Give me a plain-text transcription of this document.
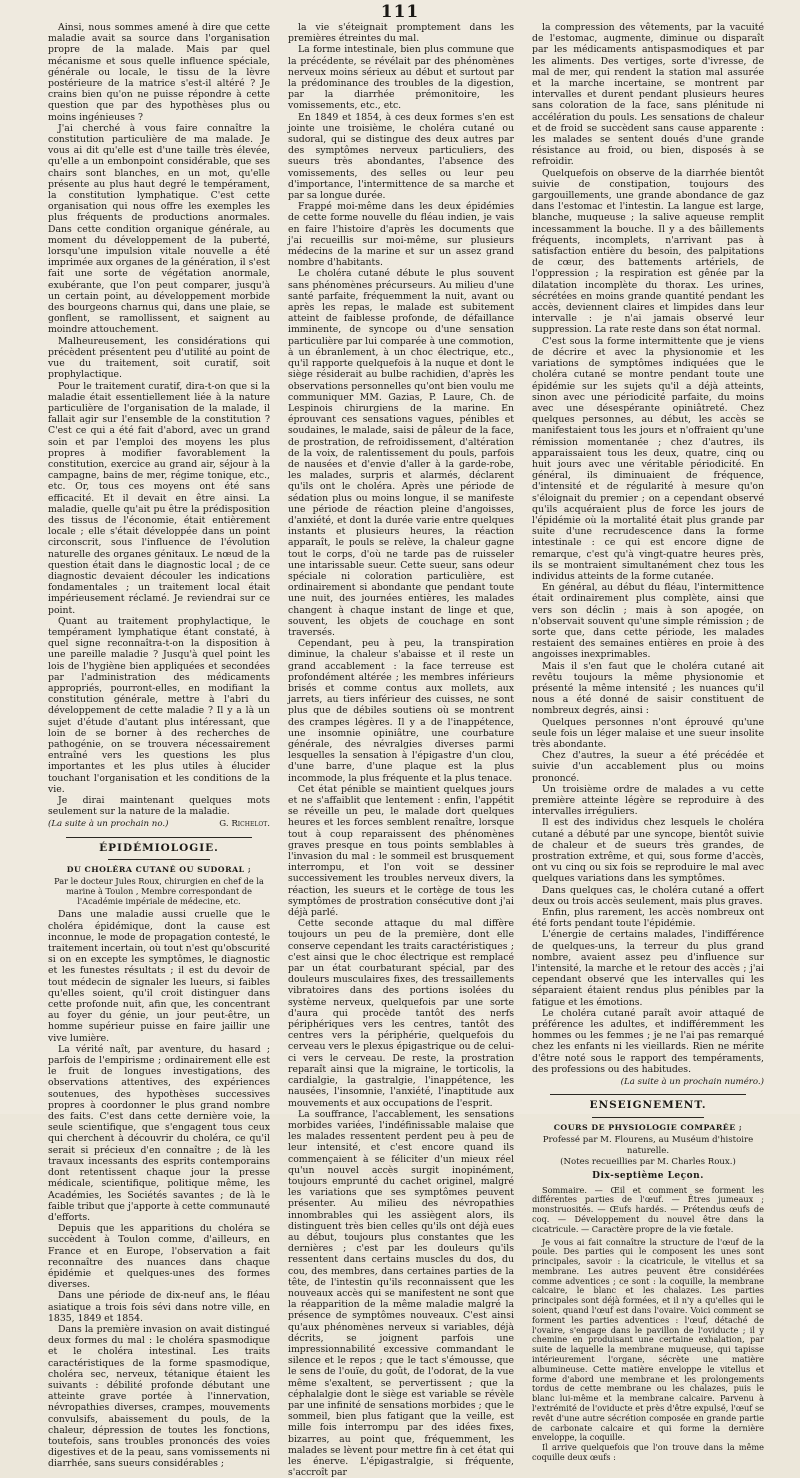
111

Ainsi, nous sommes amené à dire que cette maladie avait sa source dans l'organisation propre de la malade. Mais par quel mécanisme et sous quelle influence spéciale, générale ou locale, le tissu de la lèvre postérieure de la matrice s'est-il altéré ? Je crains bien qu'on ne puisse répondre à cette question que par des hypothèses plus ou moins ingénieuses ?

J'ai cherché à vous faire connaître la constitution particulière de ma malade. Je vous ai dit qu'elle est d'une taille très élevée, qu'elle a un embonpoint considérable, que ses chairs sont blanches, en un mot, qu'elle présente au plus haut degré le tempérament, la constitution lymphatique. C'est cette organisation qui nous offre les exemples les plus fréquents de productions anormales. Dans cette condition organique générale, au moment du développement de la puberté, lorsqu'une impulsion vitale nouvelle a été imprimée aux organes de la génération, il s'est fait une sorte de végétation anormale, exubérante, que l'on peut comparer, jusqu'à un certain point, au développement morbide des bourgeons charnus qui, dans une plaie, se gonflent, se ramollissent, et saignent au moindre attouchement.

Malheureusement, les considérations qui précèdent présentent peu d'utilité au point de vue du traitement, soit curatif, soit prophylactique.

Pour le traitement curatif, dira-t-on que si la maladie était essentiellement liée à la nature particulière de l'organisation de la malade, il fallait agir sur l'ensemble de la constitution ? C'est ce qui a été fait d'abord, avec un grand soin et par l'emploi des moyens les plus propres à modifier favorablement la constitution, exercice au grand air, séjour à la campagne, bains de mer, régime tonique, etc., etc. Or, tous ces moyens ont été sans efficacité. Et il devait en être ainsi. La maladie, quelle qu'ait pu être la prédisposition des tissus de l'économie, était entièrement locale ; elle s'était développée dans un point circonscrit, sous l'influence de l'évolution naturelle des organes génitaux. Le nœud de la question était dans le diagnostic local ; de ce diagnostic devaient découler les indications fondamentales ; un traitement local était impérieusement réclamé. Je reviendrai sur ce point.

Quant au traitement prophylactique, le tempérament lymphatique étant constaté, à quel signe reconnaîtra-t-on la disposition à une pareille maladie ? Jusqu'à quel point les lois de l'hygiène bien appliquées et secondées par l'administration des médicaments appropriés, pourront-elles, en modifiant la constitution générale, mettre à l'abri du développement de cette maladie ? Il y a là un sujet d'étude d'autant plus intéressant, que loin de se borner à des recherches de pathogénie, on se trouvera nécessairement entraîné vers les questions les plus importantes et les plus utiles à élucider touchant l'organisation et les conditions de la vie.

Je dirai maintenant quelques mots seulement sur la nature de la maladie.

(La suite à un prochain no.)	G. Richelot.
ÉPIDÉMIOLOGIE.
DU CHOLÉRA CUTANÉ OU SUDORAL ;

Par le docteur Jules Roux, chirurgien en chef de la marine à Toulon , Membre correspondant de l'Académie impériale de médecine, etc.

Dans une maladie aussi cruelle que le choléra épidémique, dont la cause est inconnue, le mode de propagation contesté, le traitement incertain, où tout n'est qu'obscurité si on en excepte les symptômes, le diagnostic et les funestes résultats ; il est du devoir de tout médecin de signaler les lueurs, si faibles qu'elles soient, qu'il croit distinguer dans cette profonde nuit, afin que, les concentrant au foyer du génie, un jour peut-être, un homme supérieur puisse en faire jaillir une vive lumière.

La vérité naît, par aventure, du hasard ; parfois de l'empirisme ; ordinairement elle est le fruit de longues investigations, des observations attentives, des expériences soutenues, des hypothèses successives propres à coordonner le plus grand nombre des faits. C'est dans cette dernière voie, la seule scientifique, que s'engagent tous ceux qui cherchent à découvrir du choléra, ce qu'il serait si précieux d'en connaître ; de là les travaux incessants des esprits contemporains dont retentissent chaque jour la presse médicale, scientifique, politique même, les Académies, les Sociétés savantes ; de là le faible tribut que j'apporte à cette communauté d'efforts.

Depuis que les apparitions du choléra se succèdent à Toulon comme, d'ailleurs, en France et en Europe, l'observation a fait reconnaître des nuances dans chaque épidémie et quelques-unes des formes diverses.

Dans une période de dix-neuf ans, le fléau asiatique a trois fois sévi dans notre ville, en 1835, 1849 et 1854.

Dans la première invasion on avait distingué deux formes du mal : le choléra spasmodique et le choléra intestinal. Les traits caractéristiques de la forme spasmodique, choléra sec, nerveux, tétanique étaient les suivants : débilité profonde débutant une atteinte grave portée à l'innervation, névropathies diverses, crampes, mouvements convulsifs, abaissement du pouls, de la chaleur, dépression de toutes les fonctions, toutefois, sans troubles prononcés des voies digestives et de la peau, sans vomissements ni diarrhée, sans sueurs considérables ;

la vie s'éteignait promptement dans les premières étreintes du mal.

La forme intestinale, bien plus commune que la précédente, se révélait par des phénomènes nerveux moins sérieux au début et surtout par la prédominance des troubles de la digestion, par la diarrhée prémonitoire, les vomissements, etc., etc.

En 1849 et 1854, à ces deux formes s'en est jointe une troisième, le choléra cutané ou sudoral, qui se distingue des deux autres par des symptômes nerveux particuliers, des sueurs très abondantes, l'absence des vomissements, des selles ou leur peu d'importance, l'intermittence de sa marche et par sa longue durée.

Frappé moi-même dans les deux épidémies de cette forme nouvelle du fléau indien, je vais en faire l'histoire d'après les documents que j'ai recueillis sur moi-même, sur plusieurs médecins de la marine et sur un assez grand nombre d'habitants.

Le choléra cutané débute le plus souvent sans phénomènes précurseurs. Au milieu d'une santé parfaite, fréquemment la nuit, avant ou après les repas, le malade est subitement atteint de faiblesse profonde, de défaillance imminente, de syncope ou d'une sensation particulière par lui comparée à une commotion, à un ébranlement, à un choc électrique, etc., qu'il rapporte quelquefois à la nuque et dont le siège résiderait au bulbe rachidien, d'après les observations personnelles qu'ont bien voulu me communiquer MM. Gazias, P. Laure, Ch. de Lespinois chirurgiens de la marine. En éprouvant ces sensations vagues, pénibles et soudaines, le malade, saisi de pâleur de la face, de prostration, de refroidissement, d'altération de la voix, de ralentissement du pouls, parfois de nausées et d'envie d'aller à la garde-robe, les malades, surpris et alarmés, déclarent qu'ils ont le choléra. Après une période de sédation plus ou moins longue, il se manifeste une période de réaction pleine d'angoisses, d'anxiété, et dont la durée varie entre quelques instants et plusieurs heures, la réaction apparaît, le pouls se relève, la chaleur gagne tout le corps, d'où ne tarde pas de ruisseler une intarissable sueur. Cette sueur, sans odeur spéciale ni coloration particulière, est ordinairement si abondante que pendant toute une nuit, des journées entières, les malades changent à chaque instant de linge et que, souvent, les objets de couchage en sont traversés.

Cependant, peu à peu, la transpiration diminue, la chaleur s'abaisse et il reste un grand accablement : la face terreuse est profondément altérée ; les membres inférieurs brisés et comme contus aux mollets, aux jarrets, au tiers inférieur des cuisses, ne sont plus que de débiles soutiens où se montrent des crampes légères. Il y a de l'inappétence, une insomnie opiniâtre, une courbature générale, des névralgies diverses parmi lesquelles la sensation à l'épigastre d'un clou, d'une barre, d'une plaque est la plus incommode, la plus fréquente et la plus tenace.

Cet état pénible se maintient quelques jours et ne s'affaiblit que lentement : enfin, l'appétit se réveille un peu, le malade dort quelques heures et les forces semblent renaître, lorsque tout à coup reparaissent des phénomènes graves presque en tous points semblables à l'invasion du mal : le sommeil est brusquement interrompu, et l'on voit se dessiner successivement les troubles nerveux divers, la réaction, les sueurs et le cortège de tous les symptômes de prostration consécutive dont j'ai déjà parlé.

Cette seconde attaque du mal diffère toujours un peu de la première, dont elle conserve cependant les traits caractéristiques ; c'est ainsi que le choc électrique est remplacé par un état courbaturant spécial, par des douleurs musculaires fixes, des tressaillements vibratoires dans des portions isolées du système nerveux, quelquefois par une sorte d'aura qui procède tantôt des nerfs périphériques vers les centres, tantôt des centres vers la périphérie, quelquefois du cerveau vers le plexus épigastrique ou de celui-ci vers le cerveau. De reste, la prostration reparaît ainsi que la migraine, le torticolis, la cardialgie, la gastralgie, l'inappétence, les nausées, l'insomnie, l'anxiété, l'inaptitude aux mouvements et aux occupations de l'esprit.

La souffrance, l'accablement, les sensations morbides variées, l'indéfinissable malaise que les malades ressentent perdent peu à peu de leur intensité, et c'est encore quand ils commençaient à se féliciter d'un mieux réel qu'un nouvel accès surgit inopinément, toujours emprunté du cachet originel, malgré les variations que ses symptômes peuvent présenter. Au milieu des névropathies innombrables qui les assiègent alors, ils distinguent très bien celles qu'ils ont déjà eues au début, toujours plus constantes que les dernières ; c'est par les douleurs qu'ils ressentent dans certains muscles du dos, du cou, des membres, dans certaines parties de la tête, de l'intestin qu'ils reconnaissent que les nouveaux accès qui se manifestent ne sont que la réapparition de la même maladie malgré la présence de symptômes nouveaux. C'est ainsi qu'aux phénomènes nerveux si variables, déjà décrits, se joignent parfois une impressionnabilité excessive commandant le silence et le repos ; que le tact s'émousse, que le sens de l'ouïe, du goût, de l'odorat, de la vue même s'exaltent, se pervertissent ; que la céphalalgie dont le siège est variable se révèle par une infinité de sensations morbides ; que le sommeil, bien plus fatigant que la veille, est mille fois interrompu par des idées fixes, bizarres, au point que, fréquemment, les malades se lèvent pour mettre fin à cet état qui les énerve. L'épigastralgie, si fréquente, s'accroît par

la compression des vêtements, par la vacuité de l'estomac, augmente, diminue ou disparaît par les médicaments antispasmodiques et par les aliments. Des vertiges, sorte d'ivresse, de mal de mer, qui rendent la station mal assurée et la marche incertaine, se montrent par intervalles et durent pendant plusieurs heures sans coloration de la face, sans plénitude ni accélération du pouls. Les sensations de chaleur et de froid se succèdent sans cause apparente : les malades se sentent doués d'une grande résistance au froid, ou bien, disposés à se refroidir.

Quelquefois on observe de la diarrhée bientôt suivie de constipation, toujours des gargouillements, une grande abondance de gaz dans l'estomac et l'intestin. La langue est large, blanche, muqueuse ; la salive aqueuse remplit incessamment la bouche. Il y a des bâillements fréquents, incomplets, n'arrivant pas à satisfaction entière du besoin, des palpitations de cœur, des battements artériels, de l'oppression ; la respiration est gênée par la dilatation incomplète du thorax. Les urines, sécrétées en moins grande quantité pendant les accès, deviennent claires et limpides dans leur intervalle : je n'ai jamais observé leur suppression. La rate reste dans son état normal.

C'est sous la forme intermittente que je viens de décrire et avec la physionomie et les variations de symptômes indiquées que le choléra cutané se montre pendant toute une épidémie sur les sujets qu'il a déjà atteints, sinon avec une périodicité parfaite, du moins avec une désespérante opiniâtreté. Chez quelques personnes, au début, les accès se manifestaient tous les jours et n'offraient qu'une rémission momentanée ; chez d'autres, ils apparaissaient tous les deux, quatre, cinq ou huit jours avec une véritable périodicité. En général, ils diminuaient de fréquence, d'intensité et de régularité à mesure qu'on s'éloignait du premier ; on a cependant observé qu'ils acquéraient plus de force les jours de l'épidémie où la mortalité était plus grande par suite d'une recrudescence dans la forme intestinale : ce qui est encore digne de remarque, c'est qu'à vingt-quatre heures près, ils se montraient simultanément chez tous les individus atteints de la forme cutanée.

En général, au début du fléau, l'intermittence était ordinairement plus complète, ainsi que vers son déclin ; mais à son apogée, on n'observait souvent qu'une simple rémission ; de sorte que, dans cette période, les malades restaient des semaines entières en proie à des angoisses inexprimables.

Mais il s'en faut que le choléra cutané ait revêtu toujours la même physionomie et présenté la même intensité ; les nuances qu'il nous a été donné de saisir constituent de nombreux degrés, ainsi :

Quelques personnes n'ont éprouvé qu'une seule fois un léger malaise et une sueur insolite très abondante.

Chez d'autres, la sueur a été précédée et suivie d'un accablement plus ou moins prononcé.

Un troisième ordre de malades a vu cette première atteinte légère se reproduire à des intervalles irréguliers.

Il est des individus chez lesquels le choléra cutané a débuté par une syncope, bientôt suivie de chaleur et de sueurs très grandes, de prostration extrême, et qui, sous forme d'accès, ont vu cinq ou six fois se reproduire le mal avec quelques variations dans les symptômes.

Dans quelques cas, le choléra cutané a offert deux ou trois accès seulement, mais plus graves.

Enfin, plus rarement, les accès nombreux ont été forts pendant toute l'épidémie.

L'énergie de certains malades, l'indifférence de quelques-uns, la terreur du plus grand nombre, avaient assez peu d'influence sur l'intensité, la marche et le retour des accès ; j'ai cependant observé que les intervalles qui les séparaient étaient rendus plus pénibles par la fatigue et les émotions.

Le choléra cutané paraît avoir attaqué de préférence les adultes, et indifféremment les hommes ou les femmes ; je ne l'ai pas remarqué chez les enfants ni les vieillards. Rien ne mérite d'être noté sous le rapport des tempéraments, des professions ou des habitudes.

(La suite à un prochain numéro.)
ENSEIGNEMENT.
COURS DE PHYSIOLOGIE COMPARÉE ;

Professé par M. Flourens, au Muséum d'histoire naturelle.

(Notes recueillies par M. Charles Roux.)

Dix-septième Leçon.

Sommaire. — Œil et comment se forment les différentes parties de l'œuf. — Êtres jumeaux ; monstruosités. — Œufs hardés. — Prétendus œufs de coq. — Développement du nouvel être dans la cicatricule. — Caractère propre de la vie fœtale.

Je vous ai fait connaître la structure de l'œuf de la poule. Des parties qui le composent les unes sont principales, savoir : la cicatricule, le vitellus et sa membrane. Les autres peuvent être considérées comme adventices ; ce sont : la coquille, la membrane calcaire, le blanc et les chalazes. Les parties principales sont déjà formées, et il n'y a qu'elles qui le soient, quand l'œuf est dans l'ovaire. Voici comment se forment les parties adventices : l'œuf, détaché de l'ovaire, s'engage dans le pavillon de l'oviducte ; il y chemine en produisant une certaine exhalation, par suite de laquelle la membrane muqueuse, qui tapisse intérieurement l'organe, sécrète une matière albumineuse. Cette matière enveloppe le vitellus et forme d'abord une membrane et les prolongements tordus de cette membrane ou les chalazes, puis le blanc lui-même et la membrane calcaire. Parvenu à l'extrémité de l'oviducte et près d'être expulsé, l'œuf se revêt d'une autre sécrétion composée en grande partie de carbonate calcaire et qui forme la dernière enveloppe, la coquille.

Il arrive quelquefois que l'on trouve dans la même coquille deux œufs :
